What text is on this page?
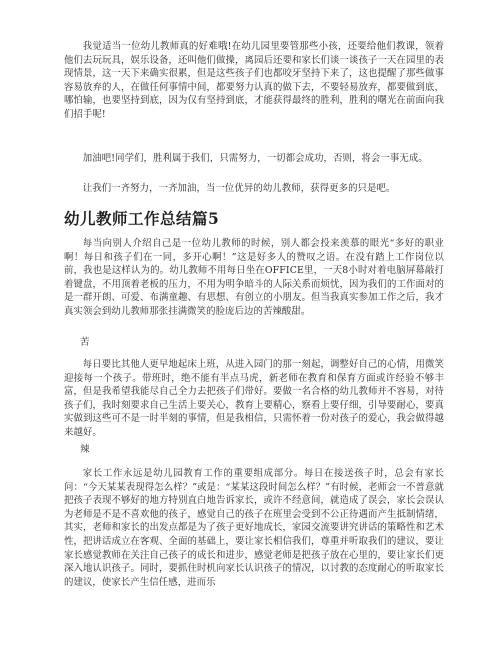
我觉适当一位幼儿教师真的好难哦!在幼儿园里要管那些小孩，还要给他们教课，领着他们去玩玩具，娱乐设备，还叫他们做操，离园后还要和家长们谈一谈孩子一天在园里的表现情景，这一天下来确实很累，但是这些孩子们也都咬牙坚持下来了，这也提醒了那些做事容易放弃的人，在做任何事情中间，都要努力认真的做下去，不要轻易放弃，都要做到底，哪怕输，也要坚持到底，因为仅有坚持到底，才能获得最终的胜利，胜利的曙光在前面向我们招手呢!

加油吧!同学们，胜利属于我们，只需努力，一切都会成功，否则，将会一事无成。

让我们一齐努力，一齐加油，当一位优异的幼儿教师，获得更多的只是吧。

幼儿教师工作总结篇5

每当向别人介绍自己是一位幼儿教师的时候，别人都会投来羡慕的眼光“多好的职业啊！每日和孩子们在一同，多开心啊！”这是好多人的赞叹之语。在没有踏上工作岗位以前，我也是这样认为的。幼儿教师不用每日坐在OFFICE里，一天8小时对着电脑屏幕敲打着键盘，不用顶着老板的压力，不用为明争暗斗的人际关系而烦忧，因为我们的工作面对的是一群开朗、可爱、布满童趣、有思想、有创立的小朋友。但当我真实参加工作之后，我才真实领会到幼儿教师那张挂满微笑的脸庞后边的苦辣酸甜。

苦

每日要比其他人更早地起床上班，从进入园门的那一刻起，调整好自己的心情，用微笑迎接每一个孩子。带班时，绝不能有半点马虎，新老师在教育和保育方面或许经验不够丰富，但是我希望我能尽自己全力去把孩子们带好。要做一名合格的幼儿教师并不容易，对待孩子们，我时刻要求自己生活上要关心，教育上要精心，察看上要仔细，引导要耐心，要真实做到这些可不是一时半刻的事情，但是我相信，只需怀着一份对孩子的爱心，我会做得越来越好。

辣

家长工作永远是幼儿园教育工作的重要组成部分。每日在接送孩子时，总会有家长问：“今天某某表现得怎么样？”或是：“某某这段时间怎么样？”有时候，老师会一不普意就把孩子表现不够好的地方特别直白地告诉家长，或许不经意间，就造成了误会，家长会误认为老师是不是不喜欢他的孩子，感觉自己的孩子在班里会受到不公正待遇而产生抵制情绪，其实，老师和家长的出发点都是为了孩子更好地成长，家园交流要讲究讲话的策略性和艺术性，把讲话成立在客观、全面的基础上，要让家长相信我们，尊重并听取我们的建议，要让家长感觉教师在关注自己孩子的成长和进步，感觉老师是把孩子放在心里的，要让家长们更深入地认识孩子。同时，要抓住时机向家长认识孩子的情况，以讨教的态度耐心的听取家长的建议，使家长产生信任感，进而乐
